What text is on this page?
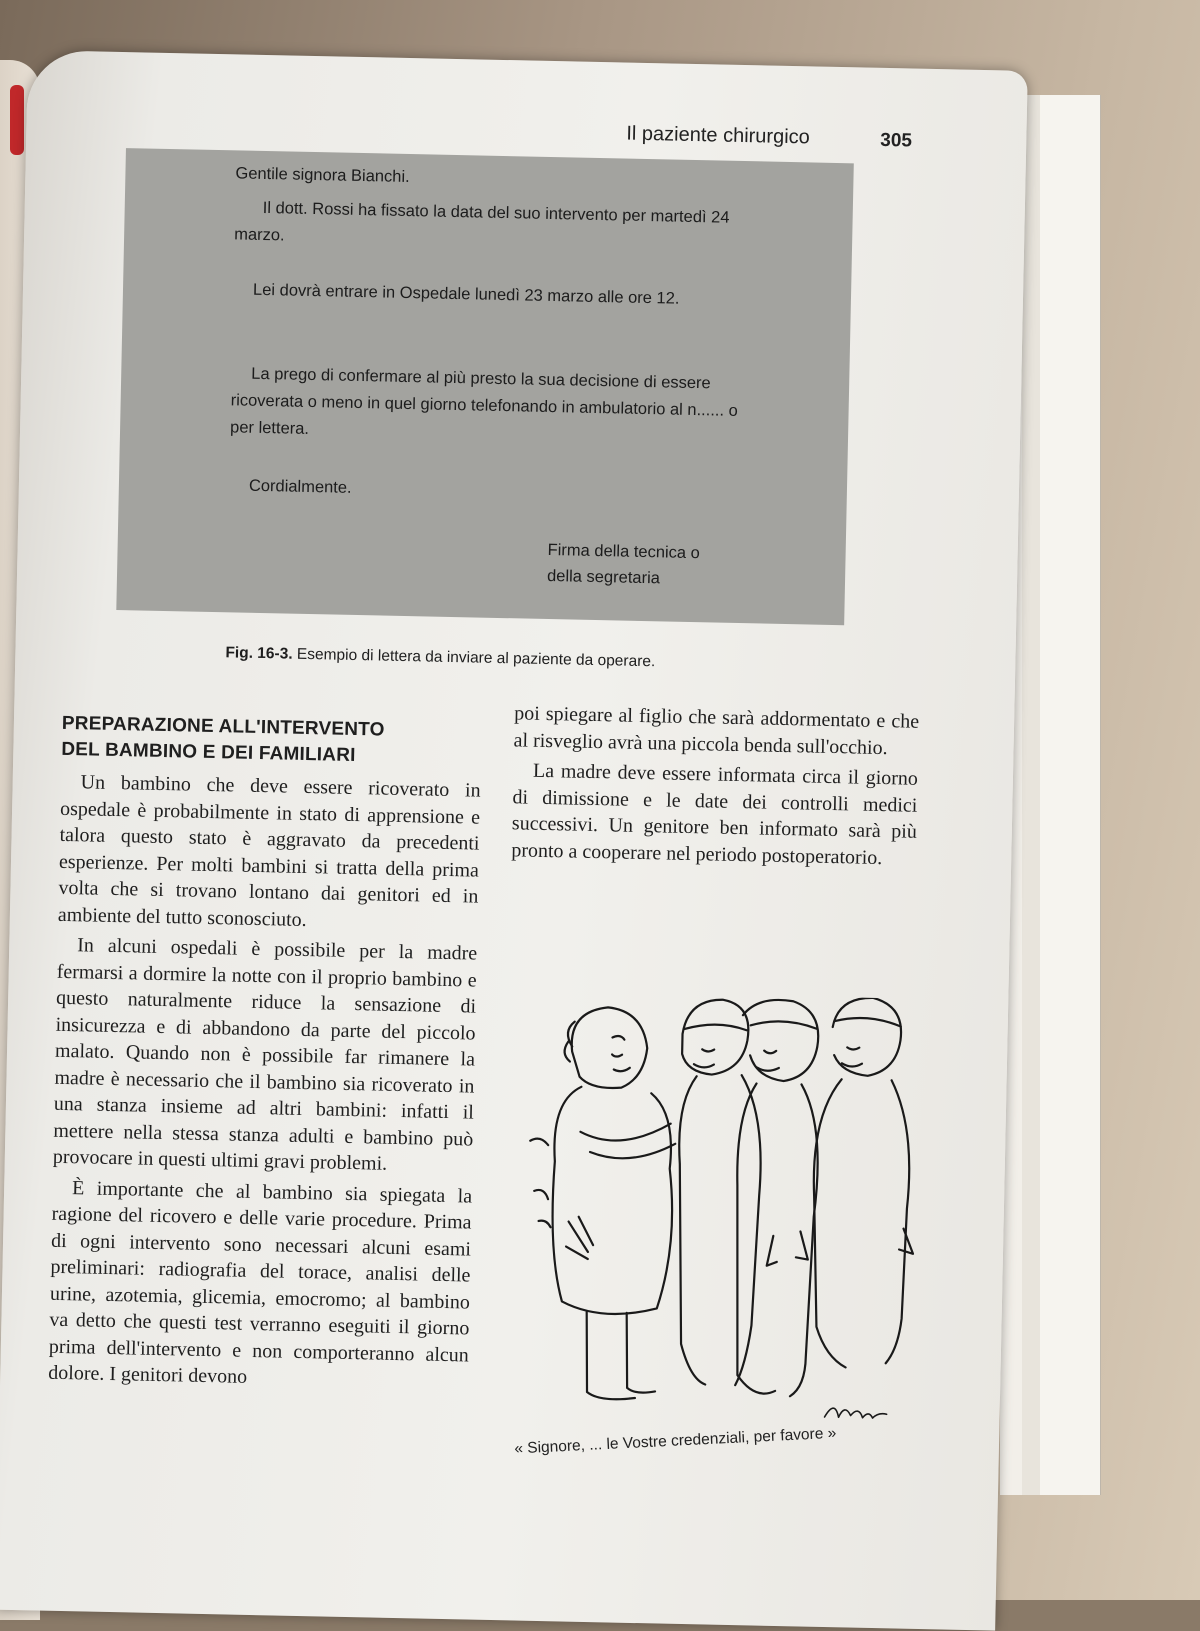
Il paziente chirurgico	305

Gentile signora Bianchi.

Il dott. Rossi ha fissato la data del suo intervento per martedì 24 marzo.

Lei dovrà entrare in Ospedale lunedì 23 marzo alle ore 12.

La prego di confermare al più presto la sua decisione di essere ricoverata o meno in quel giorno telefonando in ambulatorio al n...... o per lettera.

Cordialmente.

Firma della tecnica o

della segretaria

Fig. 16-3. Esempio di lettera da inviare al paziente da operare.
PREPARAZIONE ALL'INTERVENTO
DEL BAMBINO E DEI FAMILIARI

Un bambino che deve essere ricoverato in ospedale è probabilmente in stato di apprensione e talora questo stato è aggravato da precedenti esperienze. Per molti bambini si tratta della prima volta che si trovano lontano dai genitori ed in ambiente del tutto sconosciuto.

In alcuni ospedali è possibile per la madre fermarsi a dormire la notte con il proprio bambino e questo naturalmente riduce la sensazione di insicurezza e di abbandono da parte del piccolo malato. Quando non è possibile far rimanere la madre è necessario che il bambino sia ricoverato in una stanza insieme ad altri bambini: infatti il mettere nella stessa stanza adulti e bambino può provocare in questi ultimi gravi problemi.

È importante che al bambino sia spiegata la ragione del ricovero e delle varie procedure. Prima di ogni intervento sono necessari alcuni esami preliminari: radiografia del torace, analisi delle urine, azotemia, glicemia, emocromo; al bambino va detto che questi test verranno eseguiti il giorno prima dell'intervento e non comporteranno alcun dolore. I genitori devono

poi spiegare al figlio che sarà addormentato e che al risveglio avrà una piccola benda sull'occhio.

La madre deve essere informata circa il giorno di dimissione e le date dei controlli medici successivi. Un genitore ben informato sarà più pronto a cooperare nel periodo postoperatorio.

« Signore, ... le Vostre credenziali, per favore »
